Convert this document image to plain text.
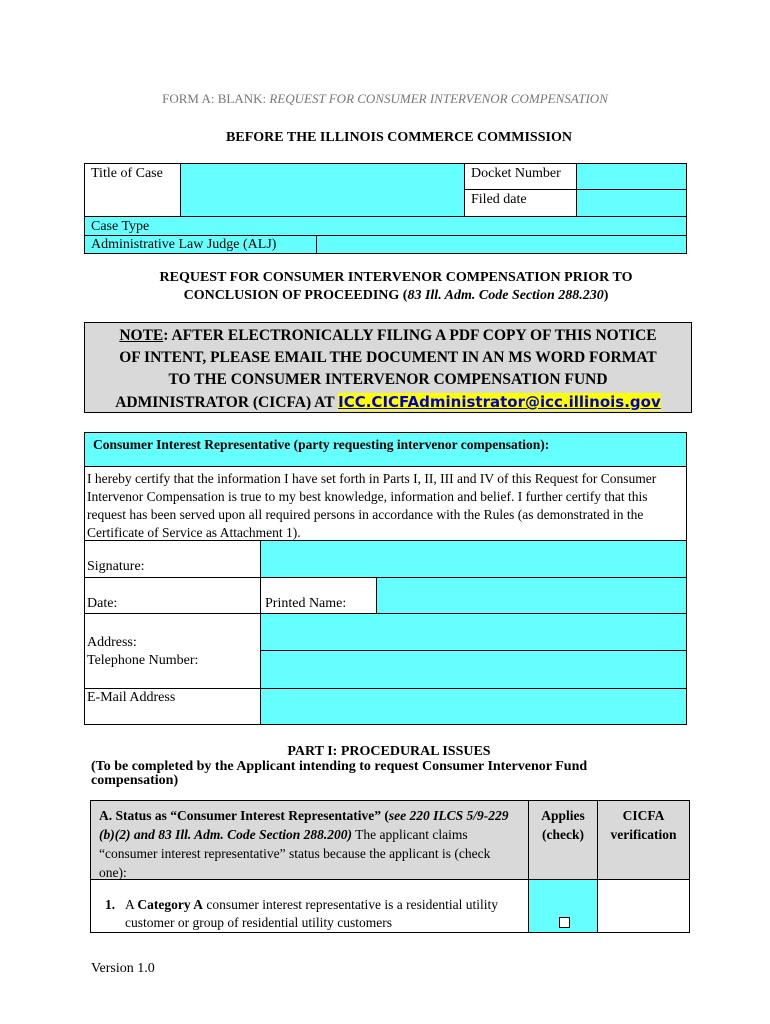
FORM A: BLANK: REQUEST FOR CONSUMER INTERVENOR COMPENSATION
BEFORE THE ILLINOIS COMMERCE COMMISSION
Title of Case	Docket Number
Filed date
Case Type
Administrative Law Judge (ALJ)
REQUEST FOR CONSUMER INTERVENOR COMPENSATION PRIOR TO
CONCLUSION OF PROCEEDING (83 Ill. Adm. Code Section 288.230)
NOTE: AFTER ELECTRONICALLY FILING A PDF COPY OF THIS NOTICE
OF INTENT, PLEASE EMAIL THE DOCUMENT IN AN MS WORD FORMAT
TO THE CONSUMER INTERVENOR COMPENSATION FUND
ADMINISTRATOR (CICFA) AT ICC.CICFAdministrator@icc.illinois.gov
Consumer Interest Representative (party requesting intervenor compensation):
I hereby certify that the information I have set forth in Parts I, II, III and IV of this Request for Consumer Intervenor Compensation is true to my best knowledge, information and belief. I further certify that this request has been served upon all required persons in accordance with the Rules (as demonstrated in the Certificate of Service as Attachment 1).
Signature:
Date:	Printed Name:
Address:
Telephone Number:
E-Mail Address
PART I: PROCEDURAL ISSUES
(To be completed by the Applicant intending to request Consumer Intervenor Fund compensation)
A. Status as “Consumer Interest Representative” (see 220 ILCS 5/9-229 (b)(2) and 83 Ill. Adm. Code Section 288.200) The applicant claims “consumer interest representative” status because the applicant is (check one):
Applies (check)
CICFA verification
1. A Category A consumer interest representative is a residential utility customer or group of residential utility customers
Version 1.0
